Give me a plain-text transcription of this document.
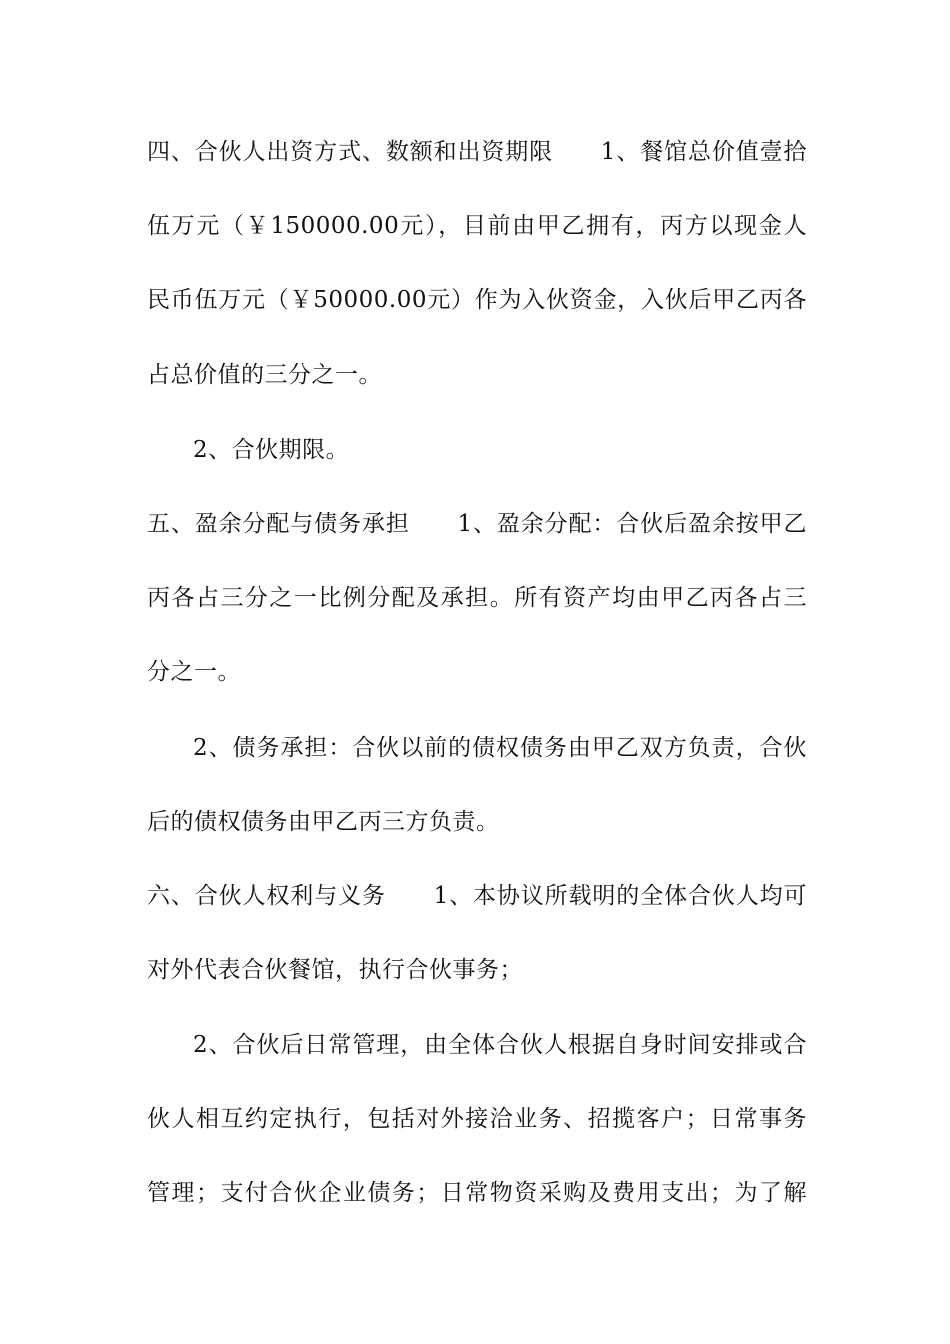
四、合伙人出资方式、数额和出资期限　　1、餐馆总价值壹拾
伍万元（￥150000.00元），目前由甲乙拥有，丙方以现金人
民币伍万元（￥50000.00元）作为入伙资金，入伙后甲乙丙各
占总价值的三分之一。
2、合伙期限。
五、盈余分配与债务承担　　1、盈余分配：合伙后盈余按甲乙
丙各占三分之一比例分配及承担。所有资产均由甲乙丙各占三
分之一。
2、债务承担：合伙以前的债权债务由甲乙双方负责，合伙
后的债权债务由甲乙丙三方负责。
六、合伙人权利与义务　　1、本协议所载明的全体合伙人均可
对外代表合伙餐馆，执行合伙事务；
2、合伙后日常管理，由全体合伙人根据自身时间安排或合
伙人相互约定执行，包括对外接洽业务、招揽客户；日常事务
管理；支付合伙企业债务；日常物资采购及费用支出；为了解
